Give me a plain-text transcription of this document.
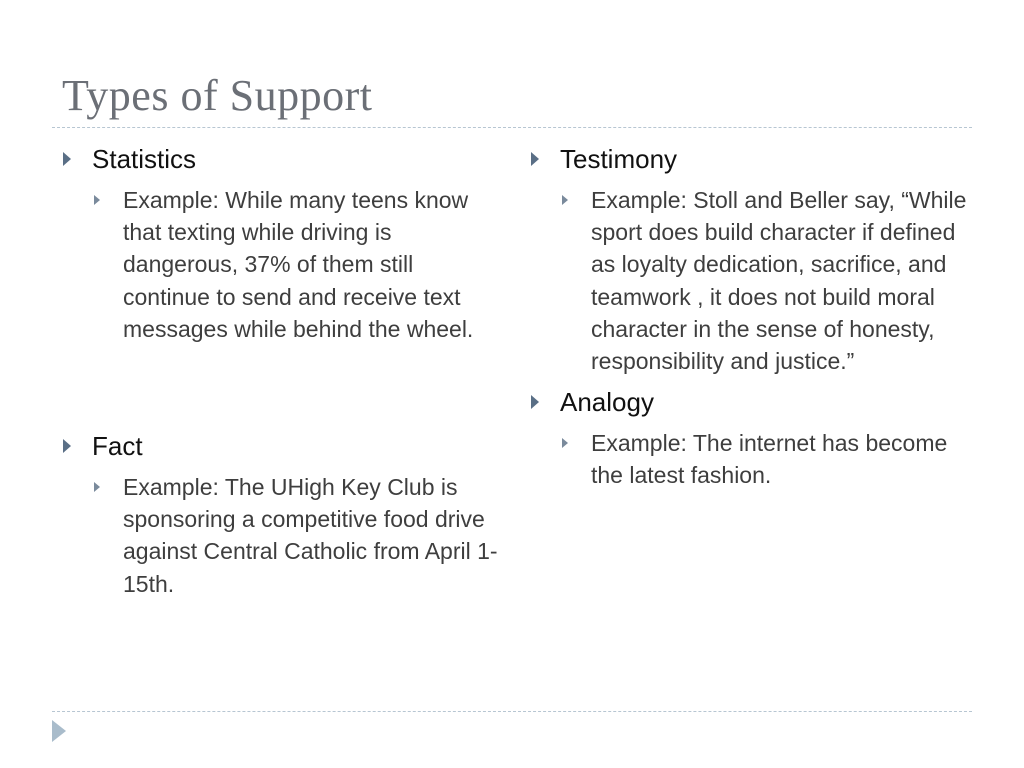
Types of Support
Statistics
Example: While many teens know that texting while driving is dangerous, 37% of them still continue to send and receive text messages while behind the wheel.
Fact
Example: The UHigh Key Club is sponsoring a competitive food drive against Central Catholic from April 1-15th.
Testimony
Example: Stoll and Beller say, “While sport does build character if defined as loyalty dedication, sacrifice, and teamwork , it does not build moral character in the sense of honesty, responsibility and justice.”
Analogy
Example: The internet has become the latest fashion.
